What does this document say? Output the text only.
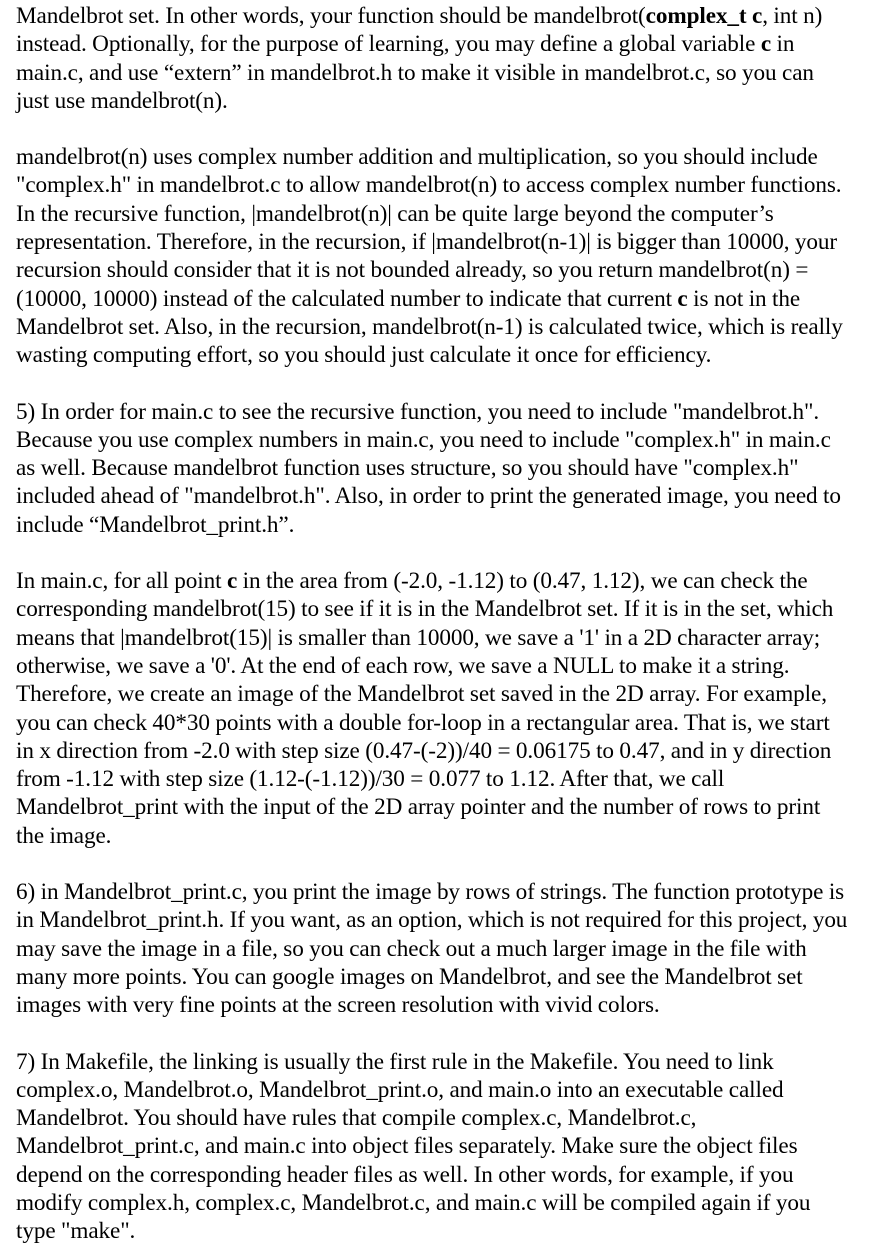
Mandelbrot set. In other words, your function should be mandelbrot(complex_t c, int n) instead. Optionally, for the purpose of learning, you may define a global variable c in main.c, and use “extern” in mandelbrot.h to make it visible in mandelbrot.c, so you can just use mandelbrot(n).

mandelbrot(n) uses complex number addition and multiplication, so you should include "complex.h" in mandelbrot.c to allow mandelbrot(n) to access complex number functions. In the recursive function, |mandelbrot(n)| can be quite large beyond the computer’s representation. Therefore, in the recursion, if |mandelbrot(n-1)| is bigger than 10000, your recursion should consider that it is not bounded already, so you return mandelbrot(n) = (10000, 10000) instead of the calculated number to indicate that current c is not in the Mandelbrot set. Also, in the recursion, mandelbrot(n-1) is calculated twice, which is really wasting computing effort, so you should just calculate it once for efficiency.

5) In order for main.c to see the recursive function, you need to include "mandelbrot.h". Because you use complex numbers in main.c, you need to include "complex.h" in main.c as well. Because mandelbrot function uses structure, so you should have "complex.h" included ahead of "mandelbrot.h". Also, in order to print the generated image, you need to include “Mandelbrot_print.h”.

In main.c, for all point c in the area from (-2.0, -1.12) to (0.47, 1.12), we can check the corresponding mandelbrot(15) to see if it is in the Mandelbrot set. If it is in the set, which means that |mandelbrot(15)| is smaller than 10000, we save a '1' in a 2D character array; otherwise, we save a '0'. At the end of each row, we save a NULL to make it a string. Therefore, we create an image of the Mandelbrot set saved in the 2D array. For example, you can check 40*30 points with a double for-loop in a rectangular area. That is, we start in x direction from -2.0 with step size (0.47-(-2))/40 = 0.06175 to 0.47, and in y direction from -1.12 with step size (1.12-(-1.12))/30 = 0.077 to 1.12. After that, we call Mandelbrot_print with the input of the 2D array pointer and the number of rows to print the image.

6) in Mandelbrot_print.c, you print the image by rows of strings. The function prototype is in Mandelbrot_print.h. If you want, as an option, which is not required for this project, you may save the image in a file, so you can check out a much larger image in the file with many more points. You can google images on Mandelbrot, and see the Mandelbrot set images with very fine points at the screen resolution with vivid colors.

7) In Makefile, the linking is usually the first rule in the Makefile. You need to link complex.o, Mandelbrot.o, Mandelbrot_print.o, and main.o into an executable called Mandelbrot. You should have rules that compile complex.c, Mandelbrot.c, Mandelbrot_print.c, and main.c into object files separately. Make sure the object files depend on the corresponding header files as well. In other words, for example, if you modify complex.h, complex.c, Mandelbrot.c, and main.c will be compiled again if you type "make".
